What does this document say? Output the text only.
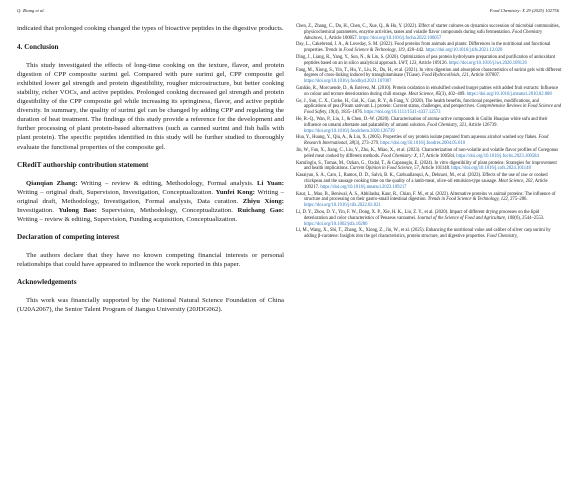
Q. Zhang et al.	Food Chemistry: X 29 (2025) 102756

indicated that prolonged cooking changed the types of bioactive peptides in the digestive products.

4. Conclusion

This study investigated the effects of long-time cooking on the texture, flavor, and protein digestion of CPP composite surimi gel. Compared with pure surimi gel, CPP composite gel exhibited lower gel strength and protein digestibility, rougher microstructure, but better cooking stability, richer VOCs, and active peptides. Prolonged cooking decreased gel strength and protein digestibility of the CPP composite gel while increasing its springiness, flavor, and active peptide diversity. In summary, the quality of surimi gel can be changed by adding CPP and regulating the duration of heat treatment. The findings of this study provide a reference for the development and further processing of plant protein-based alternatives (such as canned surimi and fish balls with plant protein). The specific peptides identified in this study will be further studied to thoroughly evaluate the functional properties of the composite gel.

CRediT authorship contribution statement

Qianqian Zhang: Writing – review & editing, Methodology, Formal analysis. Li Yuan: Writing – original draft, Supervision, Investigation, Conceptualization. Yunfei Kong: Writing – original draft, Methodology, Investigation, Formal analysis, Data curation. Zhiyu Xiong: Investigation. Yulong Bao: Supervision, Methodology, Conceptualization. Ruichang Gao: Writing – review & editing, Supervision, Funding acquisition, Conceptualization.

Declaration of competing interest

The authors declare that they have no known competing financial interests or personal relationships that could have appeared to influence the work reported in this paper.

Acknowledgements

This work was financially supported by the National Natural Science Foundation of China (U20A2067), the Senior Talent Program of Jiangsu University (20JDG062).

Chen, Z., Zhang, C., Du, H., Chen, C., Xue, Q., & Hu, Y. (2022). Effect of starter cultures on dynamics succession of microbial communities, physicochemical parameters, enzyme activities, tastes and volatile flavor compounds during sufu fermentation. Food Chemistry Advances, 1, Article 100057. https://doi.org/10.1016/j.focha.2022.100057

Day, L., Cakebread, J. A., & Loveday, S. M. (2022). Food proteins from animals and plants: Differences in the nutritional and functional properties. Trends in Food Science & Technology, 119, 428–442. https://doi.org/10.1016/j.tifs.2021.12.020

Ding, J., Liang, R., Yang, Y., Sun, N., & Lin, S. (2020). Optimization of pea protein hydrolysate preparation and purification of antioxidant peptides based on an in silico analytical approach. LWT, 123, Article 109126. https://doi.org/10.1016/j.lwt.2020.109126

Fang, M., Xiong, S., Yin, T., Hu, Y., Liu, R., Du, H., et al. (2021). In vitro digestion and absorption characteristics of surimi gels with different degrees of cross-linking induced by transglutaminase (TGase). Food Hydrocolloids, 121, Article 107007. https://doi.org/10.1016/j.foodhyd.2021.107007

Ganhão, R., Morcuende, D., & Estévez, M. (2010). Protein oxidation in emulsified cooked burger patties with added fruit extracts: Influence on colour and texture deterioration during chill storage. Meat Science, 85(3), 402–409. https://doi.org/10.1016/j.meatsci.2010.02.008

Ge, J., Sun, C. X., Corke, H., Gul, K., Gan, R. Y., & Fang, Y. (2020). The health benefits, functional properties, modifications, and applications of pea (Pisum sativum L.) protein: Current status, challenges, and perspectives. Comprehensive Reviews in Food Science and Food Safety, 19(4), 1835–1876. https://doi.org/10.1111/1541-4337.12573

He, R.-Q., Wan, P., Liu, J., & Chen, D.-W. (2020). Characterisation of aroma-active compounds in Guilin Huaqiao white sufu and their influence on umami aftertaste and palatability of umami solution. Food Chemistry, 321, Article 126739. https://doi.org/10.1016/j.foodchem.2020.126739

Hua, Y., Huang, Y., Qiu, A., & Liu, X. (2005). Properties of soy protein isolate prepared from aqueous alcohol washed soy flakes. Food Research International, 38(3), 273–279. https://doi.org/10.1016/j.foodres.2004.05.010

Jin, W., Fan, X., Jiang, C., Liu, Y., Zhu, K., Miao, X., et al. (2023). Characterization of non-volatile and volatile flavor profiles of Coregonus peled meat cooked by different methods. Food Chemistry: X, 17, Article 100584. https://doi.org/10.1016/j.fochx.2023.100584

Kamiloglu, S., Tomas, M., Ozkan, G., Ozdal, T., & Capanoglu, E. (2024). In vitro digestibility of plant proteins: Strategies for improvement and health implications. Current Opinion in Food Science, 57, Article 101148. https://doi.org/10.1016/j.cofs.2024.101148

Kasaiyan, S. A., Caro, I., Ramos, D. D., Salvá, B. K., Carhuallanqui, A., Dehnavi, M., et al. (2023). Effects of the use of raw or cooked chickpeas and the sausage cooking time on the quality of a lamb-meat, olive-oil emulsion-type sausage. Meat Science, 202, Article 109217. https://doi.org/10.1016/j.meatsci.2023.109217

Kaur, L., Mao, B., Beniwal, A. S., Abhilasha, Kaur, R., Chian, F. M., et al. (2022). Alternative proteins vs animal proteins: The influence of structure and processing on their gastro-small intestinal digestion. Trends in Food Science & Technology, 122, 275–286. https://doi.org/10.1016/j.tifs.2022.02.021

Li, D. Y., Zhou, D. Y., Yin, F. W., Dong, X. P., Xie, H. K., Liu, Z. Y., et al. (2020). Impact of different drying processes on the lipid deterioration and color characteristics of Penaeus vannamei. Journal of the Science of Food and Agriculture, 100(6), 2544–2553. https://doi.org/10.1002/jsfa.10280

Li, M., Wang, X., Shi, T., Zhang, X., Xiong, Z., Jin, W., et al. (2025). Enhancing the nutritional value and caliber of silver carp surimi by adding β-carotene: Insights into the gel characteristics, protein structure, and digestive properties. Food Chemistry,
